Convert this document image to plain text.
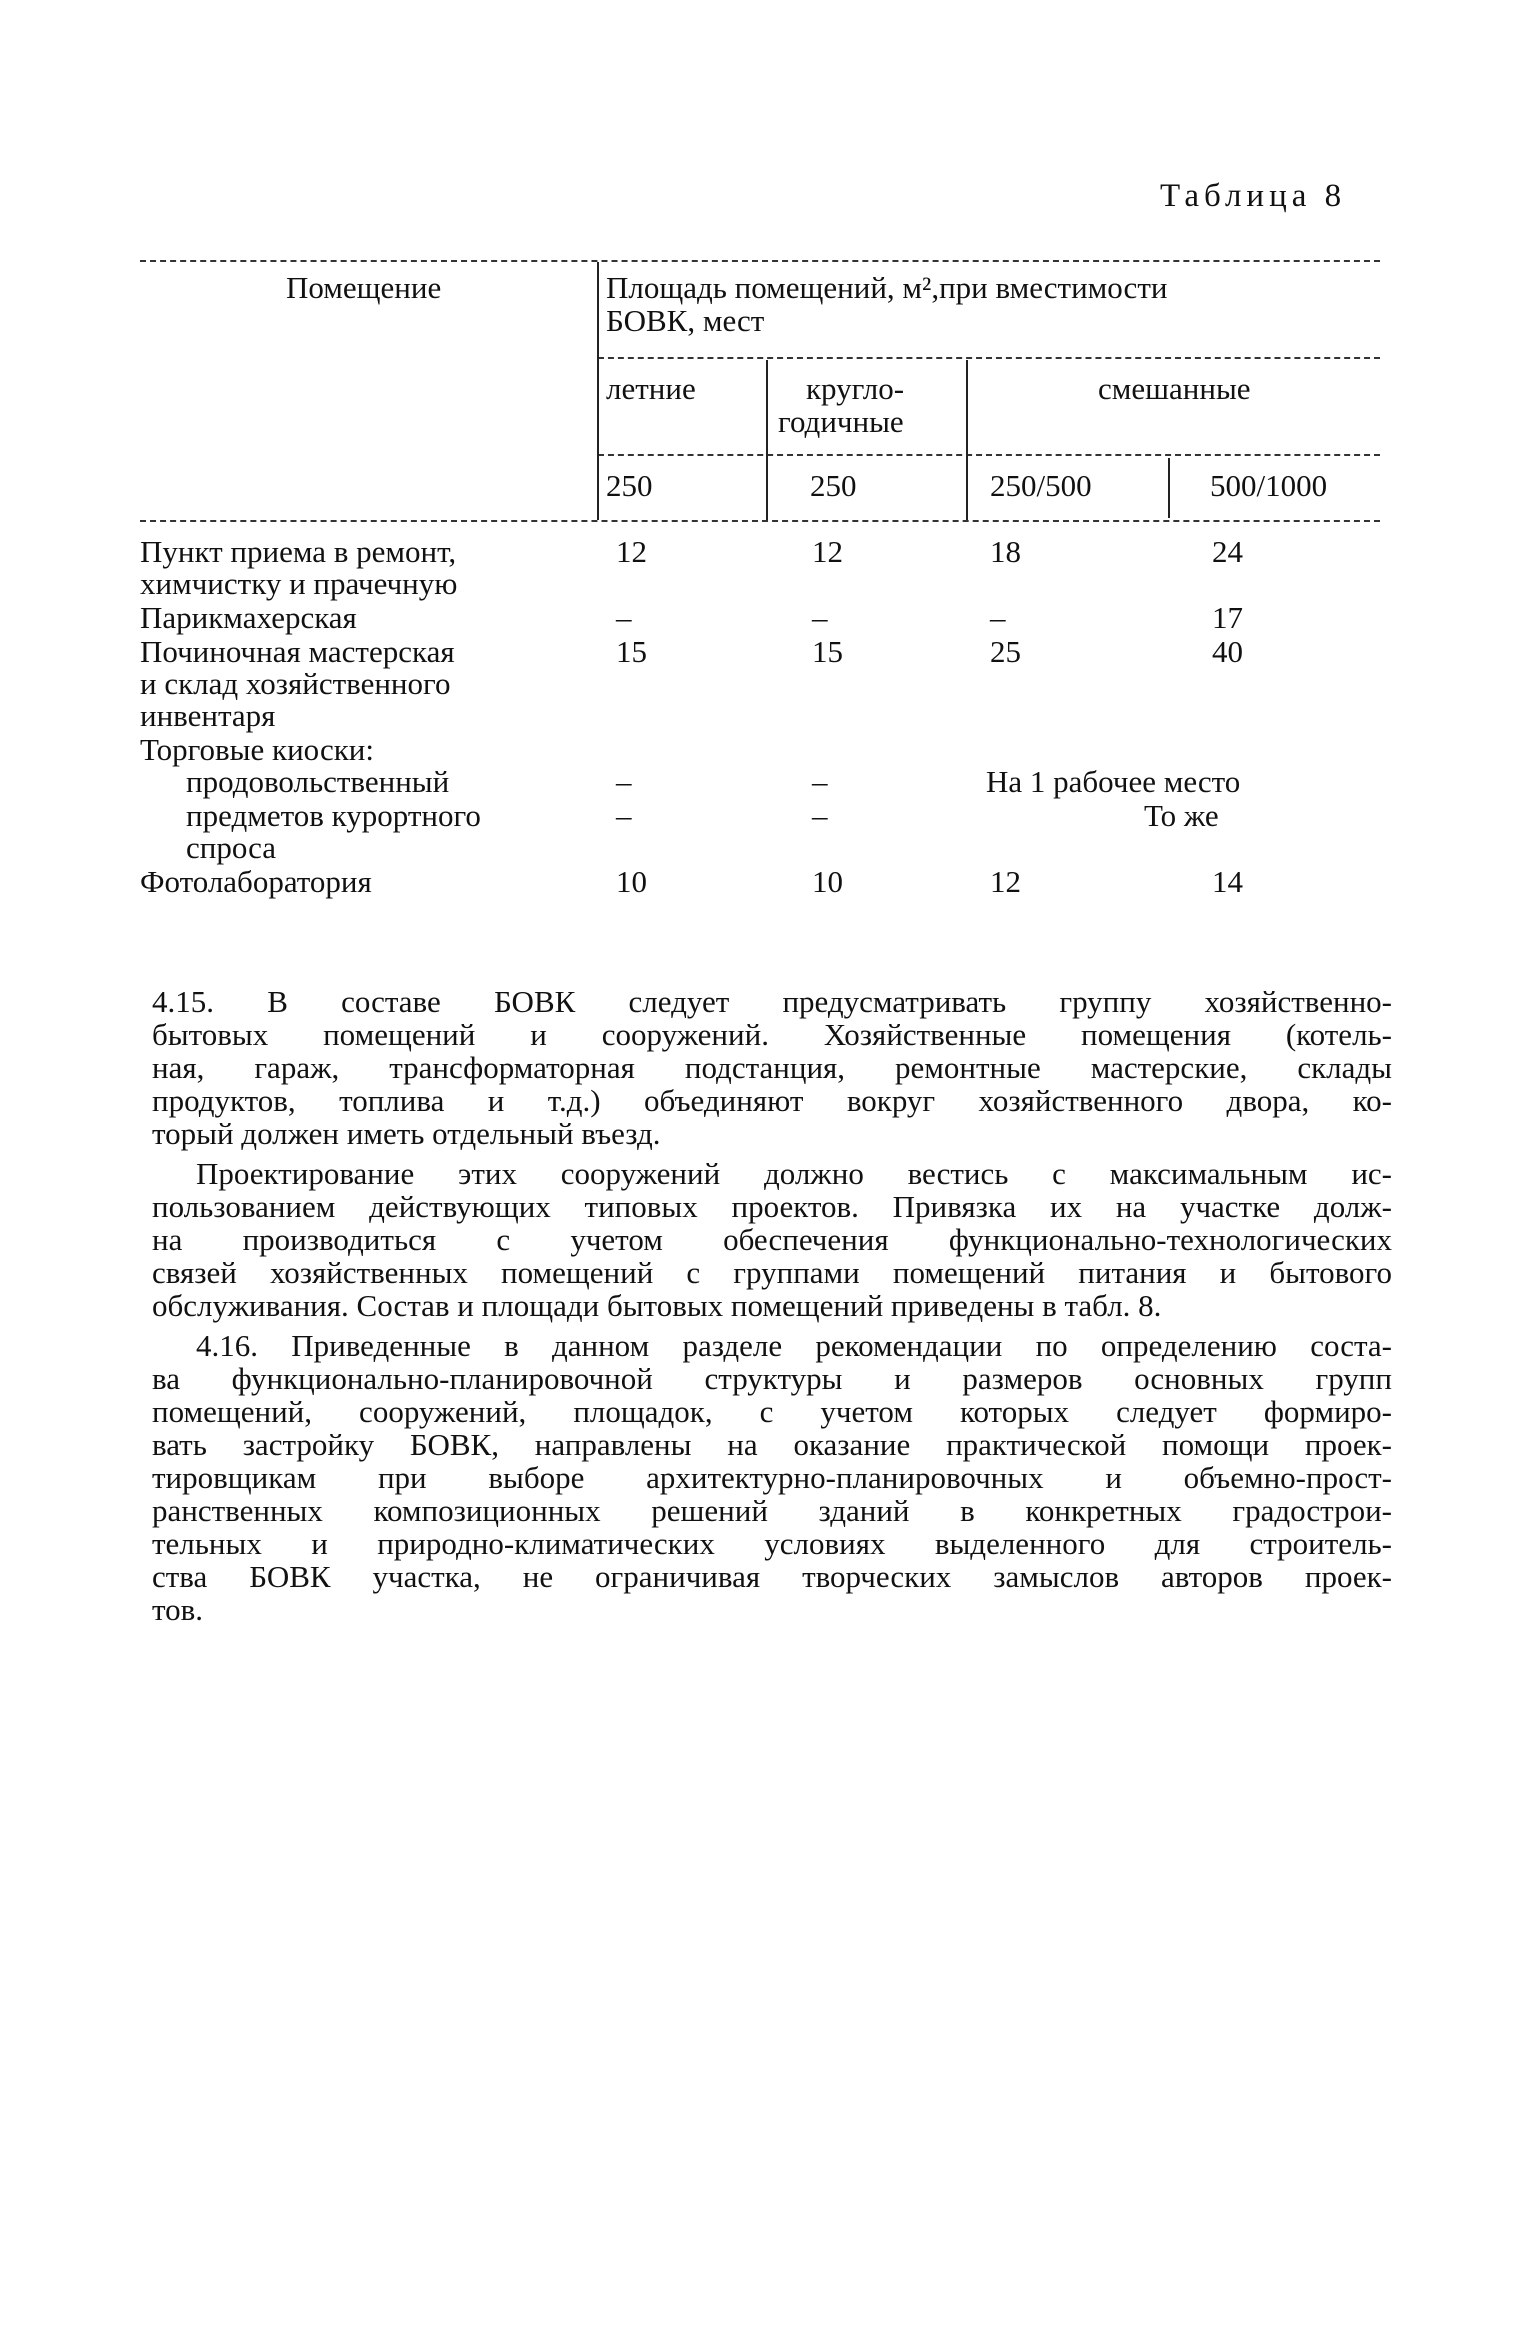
Таблица 8
Помещение	Площадь помещений, м²,при вместимости
БОВК, мест
летние	кругло-
годичные
смешанные
250	250	250/500	500/1000
Пункт приема в ремонт,
химчистку и прачечную
12	12	18	24
Парикмахерская	–	–	–	17
Починочная мастерская
и склад хозяйственного
инвентаря
15	15	25	40
Торговые киоски:
продовольственный	–	–	На 1 рабочее место
предметов курортного
спроса
–	–	То же
Фотолаборатория	10	10	12	14
4.15. В составе БОВК следует предусматривать группу хозяйственно-
бытовых помещений и сооружений. Хозяйственные помещения (котель-
ная, гараж, трансформаторная подстанция, ремонтные мастерские, склады
продуктов, топлива и т.д.) объединяют вокруг хозяйственного двора, ко-
торый должен иметь отдельный въезд.
Проектирование этих сооружений должно вестись с максимальным ис-
пользованием действующих типовых проектов. Привязка их на участке долж-
на производиться с учетом обеспечения функционально-технологических
связей хозяйственных помещений с группами помещений питания и бытового
обслуживания. Состав и площади бытовых помещений приведены в табл. 8.
4.16. Приведенные в данном разделе рекомендации по определению соста-
ва функционально-планировочной структуры и размеров основных групп
помещений, сооружений, площадок, с учетом которых следует формиро-
вать застройку БОВК, направлены на оказание практической помощи проек-
тировщикам при выборе архитектурно-планировочных и объемно-прост-
ранственных композиционных решений зданий в конкретных градострои-
тельных и природно-климатических условиях выделенного для строитель-
ства БОВК участка, не ограничивая творческих замыслов авторов проек-
тов.
